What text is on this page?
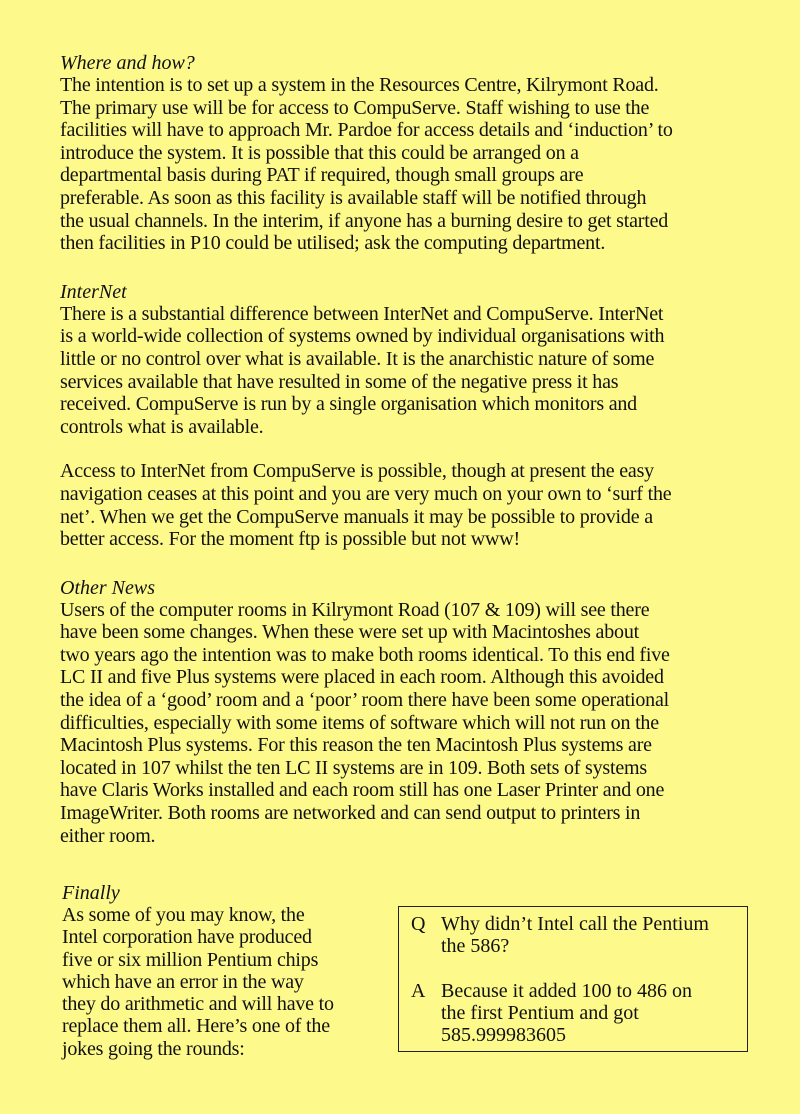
Where and how?

The intention is to set up a system in the Resources Centre, Kilrymont Road.
The primary use will be for access to CompuServe. Staff wishing to use the
facilities will have to approach Mr. Pardoe for access details and ‘induction’ to
introduce the system. It is possible that this could be arranged on a
departmental basis during PAT if required, though small groups are
preferable. As soon as this facility is available staff will be notified through
the usual channels. In the interim, if anyone has a burning desire to get started
then facilities in P10 could be utilised; ask the computing department.

InterNet

There is a substantial difference between InterNet and CompuServe. InterNet
is a world-wide collection of systems owned by individual organisations with
little or no control over what is available. It is the anarchistic nature of some
services available that have resulted in some of the negative press it has
received. CompuServe is run by a single organisation which monitors and
controls what is available.

Access to InterNet from CompuServe is possible, though at present the easy
navigation ceases at this point and you are very much on your own to ‘surf the
net’. When we get the CompuServe manuals it may be possible to provide a
better access. For the moment ftp is possible but not www!

Other News

Users of the computer rooms in Kilrymont Road (107 & 109) will see there
have been some changes. When these were set up with Macintoshes about
two years ago the intention was to make both rooms identical. To this end five
LC II and five Plus systems were placed in each room. Although this avoided
the idea of a ‘good’ room and a ‘poor’ room there have been some operational
difficulties, especially with some items of software which will not run on the
Macintosh Plus systems. For this reason the ten Macintosh Plus systems are
located in 107 whilst the ten LC II systems are in 109. Both sets of systems
have Claris Works installed and each room still has one Laser Printer and one
ImageWriter. Both rooms are networked and can send output to printers in
either room.

Finally

As some of you may know, the
Intel corporation have produced
five or six million Pentium chips
which have an error in the way
they do arithmetic and will have to
replace them all. Here’s one of the
jokes going the rounds:

Q Why didn’t Intel call the Pentium
the 586?
A Because it added 100 to 486 on
the first Pentium and got
585.999983605
